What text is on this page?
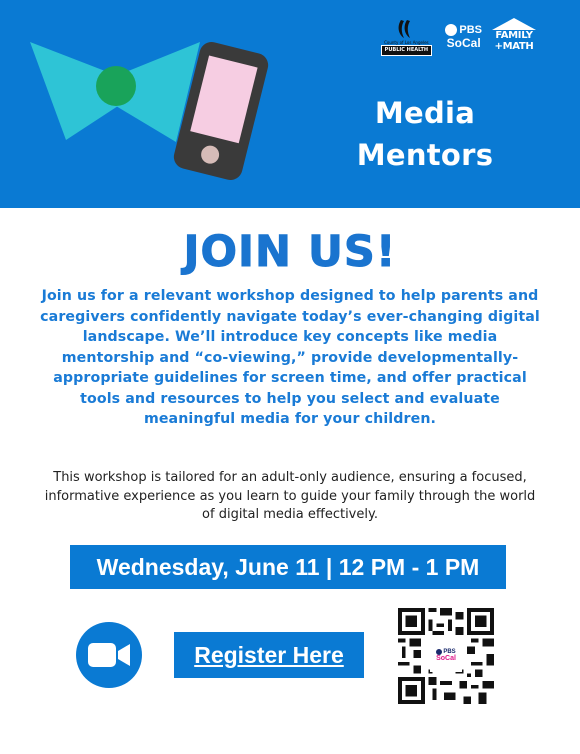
County of Los Angeles
PUBLIC HEALTH
PBS
SoCal
FAMILY
+MATH
Media
Mentors
JOIN US!
Join us for a relevant workshop designed to help parents and caregivers confidently navigate today’s ever-changing digital landscape. We’ll introduce key concepts like media mentorship and “co-viewing,” provide developmentally-appropriate guidelines for screen time, and offer practical tools and resources to help you select and evaluate meaningful media for your children.
This workshop is tailored for an adult-only audience, ensuring a focused, informative experience as you learn to guide your family through the world of digital media effectively.
Wednesday, June 11 | 12 PM - 1 PM
Register Here	PBS
SoCal
